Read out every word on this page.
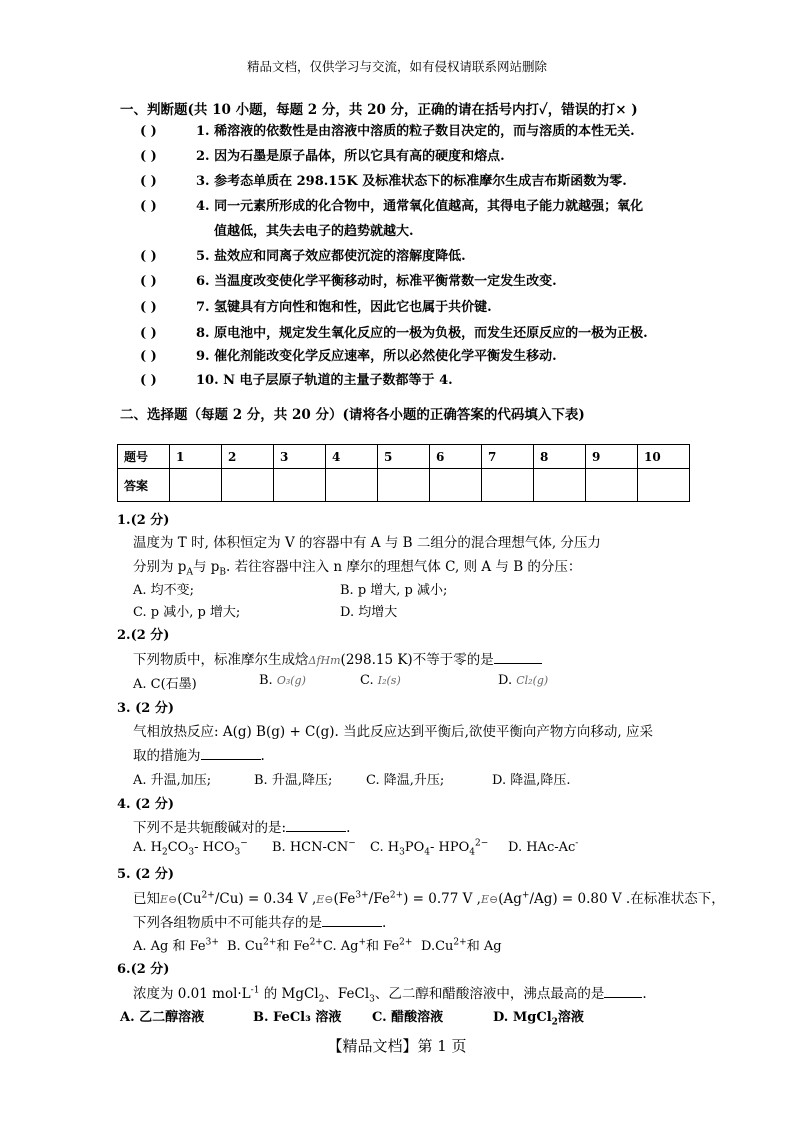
精品文档，仅供学习与交流，如有侵权请联系网站删除
一、判断题(共 10 小题，每题 2 分，共 20 分，正确的请在括号内打✓，错误的打× )
( )	1. 稀溶液的依数性是由溶液中溶质的粒子数目决定的，而与溶质的本性无关.
( )	2. 因为石墨是原子晶体，所以它具有高的硬度和熔点.
( )	3. 参考态单质在 298.15K 及标准状态下的标准摩尔生成吉布斯函数为零.
( )	4. 同一元素所形成的化合物中，通常氧化值越高，其得电子能力就越强；氧化
值越低，其失去电子的趋势就越大.
( )	5. 盐效应和同离子效应都使沉淀的溶解度降低.
( )	6. 当温度改变使化学平衡移动时，标准平衡常数一定发生改变.
( )	7. 氢键具有方向性和饱和性，因此它也属于共价键.
( )	8. 原电池中，规定发生氧化反应的一极为负极，而发生还原反应的一极为正极.
( )	9. 催化剂能改变化学反应速率，所以必然使化学平衡发生移动.
( )	10. N 电子层原子轨道的主量子数都等于 4.
二、选择题（每题 2 分，共 20 分）(请将各小题的正确答案的代码填入下表)
题号	1	2	3	4	5	6	7	8	9	10
答案										
1.(2 分)
温度为 T 时, 体积恒定为 V 的容器中有 A 与 B 二组分的混合理想气体, 分压力
分别为 $p_A$与 $p_B$. 若往容器中注入 n 摩尔的理想气体 C, 则 A 与 B 的分压：
A. 均不变;	B. p 增大, p 减小;
C. p 减小, p 增大;	D. 均增大
2.(2 分)
下列物质中，标准摩尔生成焓ΔfHm(298.15 K)不等于零的是
A. C(石墨)	B. O₃(g)	C. I₂(s)	D. Cl₂(g)
3. (2 分)
气相放热反应: A(g) B(g) + C(g). 当此反应达到平衡后,欲使平衡向产物方向移动, 应采
取的措施为	.
A. 升温,加压;	B. 升温,降压;	C. 降温,升压;	D. 降温,降压.
4. (2 分)
下列不是共轭酸碱对的是:	.
A. $H_2CO_3-$ $HCO_3^-$ B. HCN-CN− C. $H_3PO_4-$ $HPO_4^{2-}$ D. HAc-Ac-
5. (2 分)
已知$E⊖(Cu^{2+}/Cu) = 0.34$ V $,E⊖(Fe^{3+}/Fe^{2+}) = 0.77$ V ,E⊖(Ag+/Ag) = 0.80 V .在标准状态下，
下列各组物质中不可能共存的是	.
A. Ag 和 $Fe^{3+}$ B. $Cu^{2+}$和 $Fe^{2+}$ C. Ag+和 $Fe^{2+}$ $D.Cu^{2+}$和 Ag
6.(2 分)
浓度为 0.01 $mol\cdot L^{-1}$ 的 MgCl$_2$、FeCl$_3$、乙二醇和醋酸溶液中，沸点最高的是	.
A. 乙二醇溶液	B. FeCl₃ 溶液 C. 醋酸溶液	D. MgCl$_2$溶液
【精品文档】第 1 页
